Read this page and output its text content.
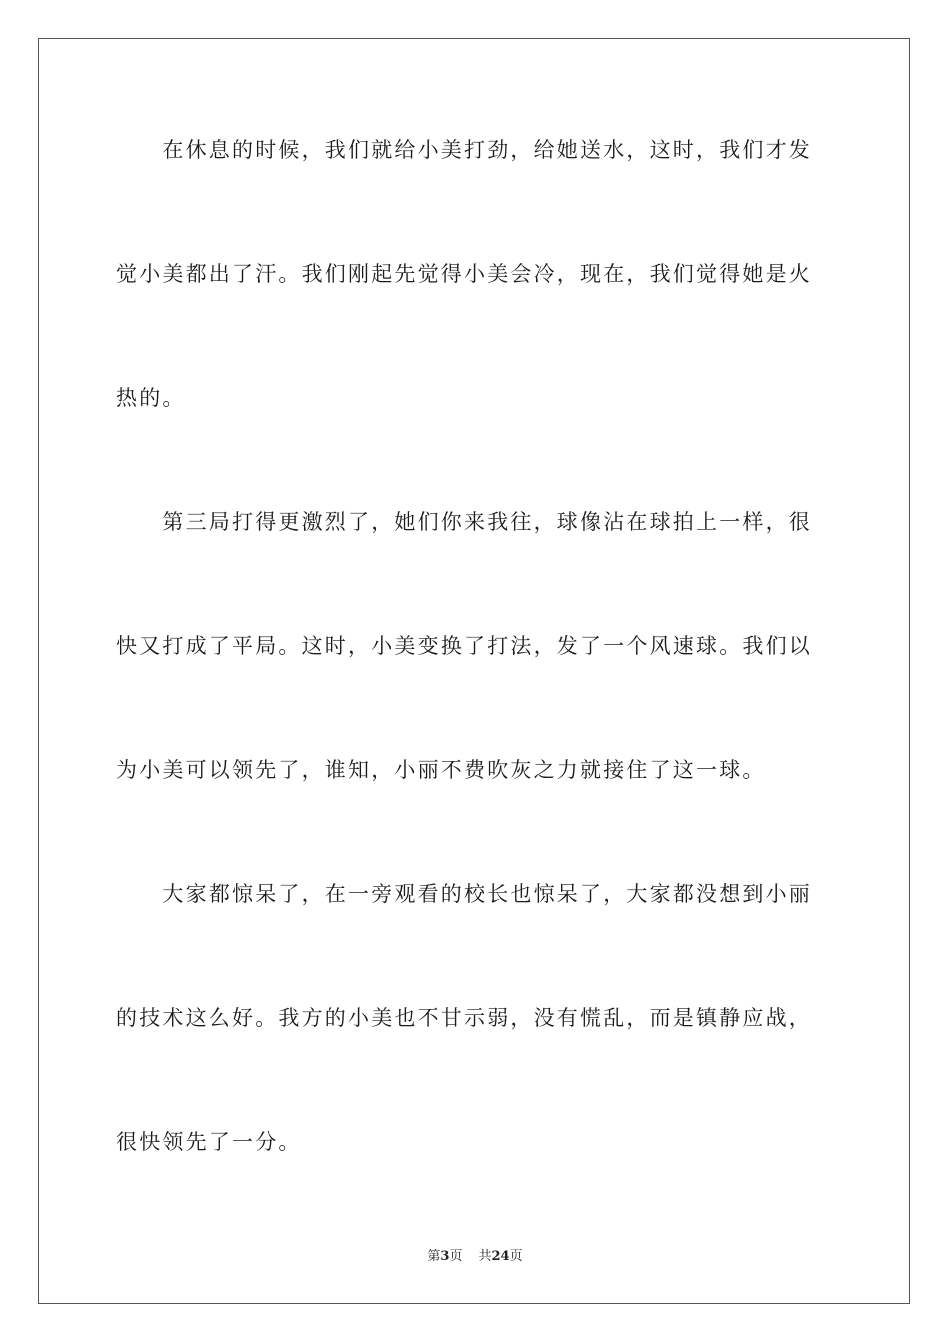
　　在休息的时候，我们就给小美打劲，给她送水，这时，我们才发
觉小美都出了汗。我们刚起先觉得小美会冷，现在，我们觉得她是火
热的。
　　第三局打得更激烈了，她们你来我往，球像沾在球拍上一样，很
快又打成了平局。这时，小美变换了打法，发了一个风速球。我们以
为小美可以领先了，谁知，小丽不费吹灰之力就接住了这一球。
　　大家都惊呆了，在一旁观看的校长也惊呆了，大家都没想到小丽
的技术这么好。我方的小美也不甘示弱，没有慌乱，而是镇静应战，
很快领先了一分。
第3页 共24页
